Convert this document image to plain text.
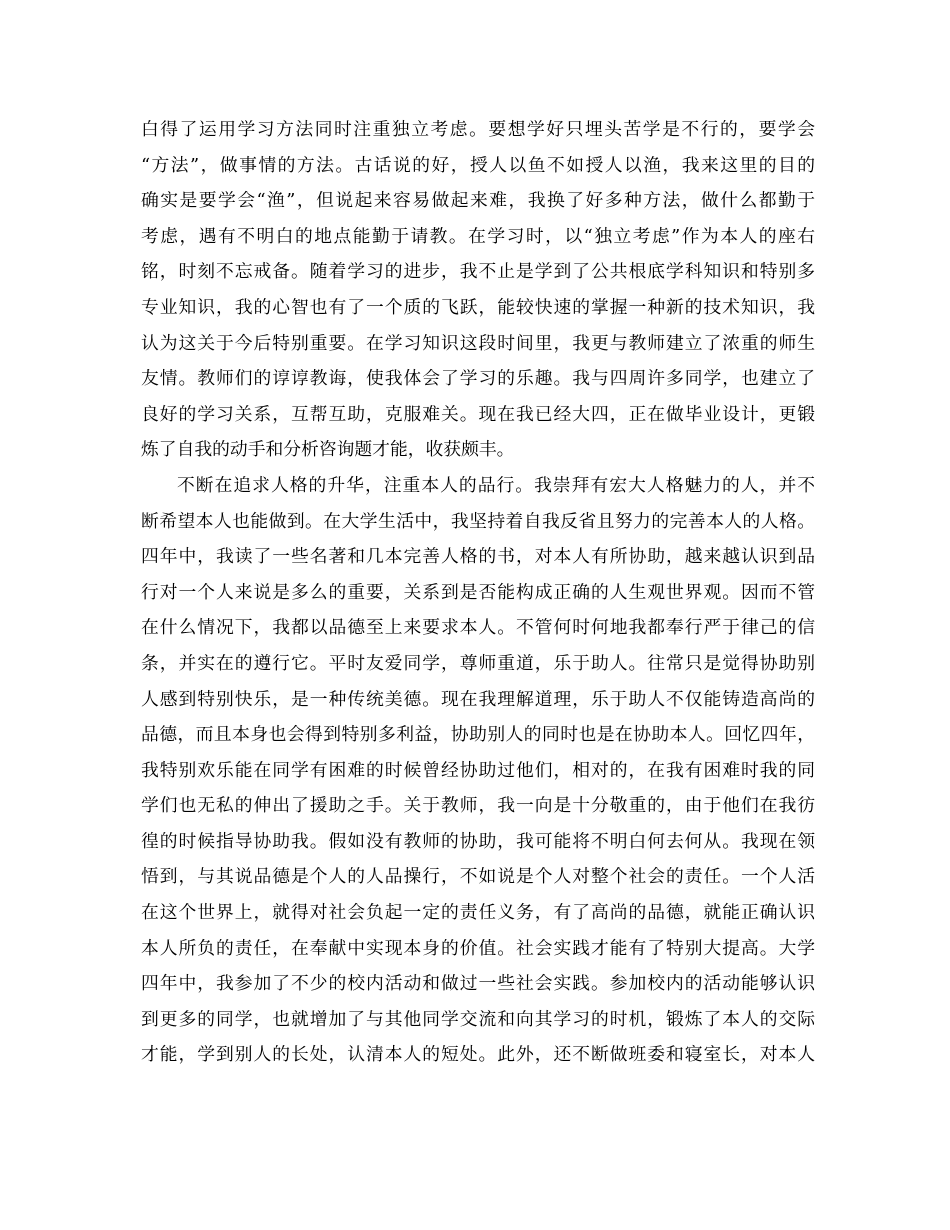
白得了运用学习方法同时注重独立考虑。要想学好只埋头苦学是不行的，要学会
“方法”，做事情的方法。古话说的好，授人以鱼不如授人以渔，我来这里的目的
确实是要学会“渔”，但说起来容易做起来难，我换了好多种方法，做什么都勤于
考虑，遇有不明白的地点能勤于请教。在学习时，以“独立考虑”作为本人的座右
铭，时刻不忘戒备。随着学习的进步，我不止是学到了公共根底学科知识和特别多
专业知识，我的心智也有了一个质的飞跃，能较快速的掌握一种新的技术知识，我
认为这关于今后特别重要。在学习知识这段时间里，我更与教师建立了浓重的师生
友情。教师们的谆谆教诲，使我体会了学习的乐趣。我与四周许多同学，也建立了
良好的学习关系，互帮互助，克服难关。现在我已经大四，正在做毕业设计，更锻
炼了自我的动手和分析咨询题才能，收获颇丰。
不断在追求人格的升华，注重本人的品行。我崇拜有宏大人格魅力的人，并不
断希望本人也能做到。在大学生活中，我坚持着自我反省且努力的完善本人的人格。
四年中，我读了一些名著和几本完善人格的书，对本人有所协助，越来越认识到品
行对一个人来说是多么的重要，关系到是否能构成正确的人生观世界观。因而不管
在什么情况下，我都以品德至上来要求本人。不管何时何地我都奉行严于律己的信
条，并实在的遵行它。平时友爱同学，尊师重道，乐于助人。往常只是觉得协助别
人感到特别快乐，是一种传统美德。现在我理解道理，乐于助人不仅能铸造高尚的
品德，而且本身也会得到特别多利益，协助别人的同时也是在协助本人。回忆四年，
我特别欢乐能在同学有困难的时候曾经协助过他们，相对的，在我有困难时我的同
学们也无私的伸出了援助之手。关于教师，我一向是十分敬重的，由于他们在我彷
徨的时候指导协助我。假如没有教师的协助，我可能将不明白何去何从。我现在领
悟到，与其说品德是个人的人品操行，不如说是个人对整个社会的责任。一个人活
在这个世界上，就得对社会负起一定的责任义务，有了高尚的品德，就能正确认识
本人所负的责任，在奉献中实现本身的价值。社会实践才能有了特别大提高。大学
四年中，我参加了不少的校内活动和做过一些社会实践。参加校内的活动能够认识
到更多的同学，也就增加了与其他同学交流和向其学习的时机，锻炼了本人的交际
才能，学到别人的长处，认清本人的短处。此外，还不断做班委和寝室长，对本人
